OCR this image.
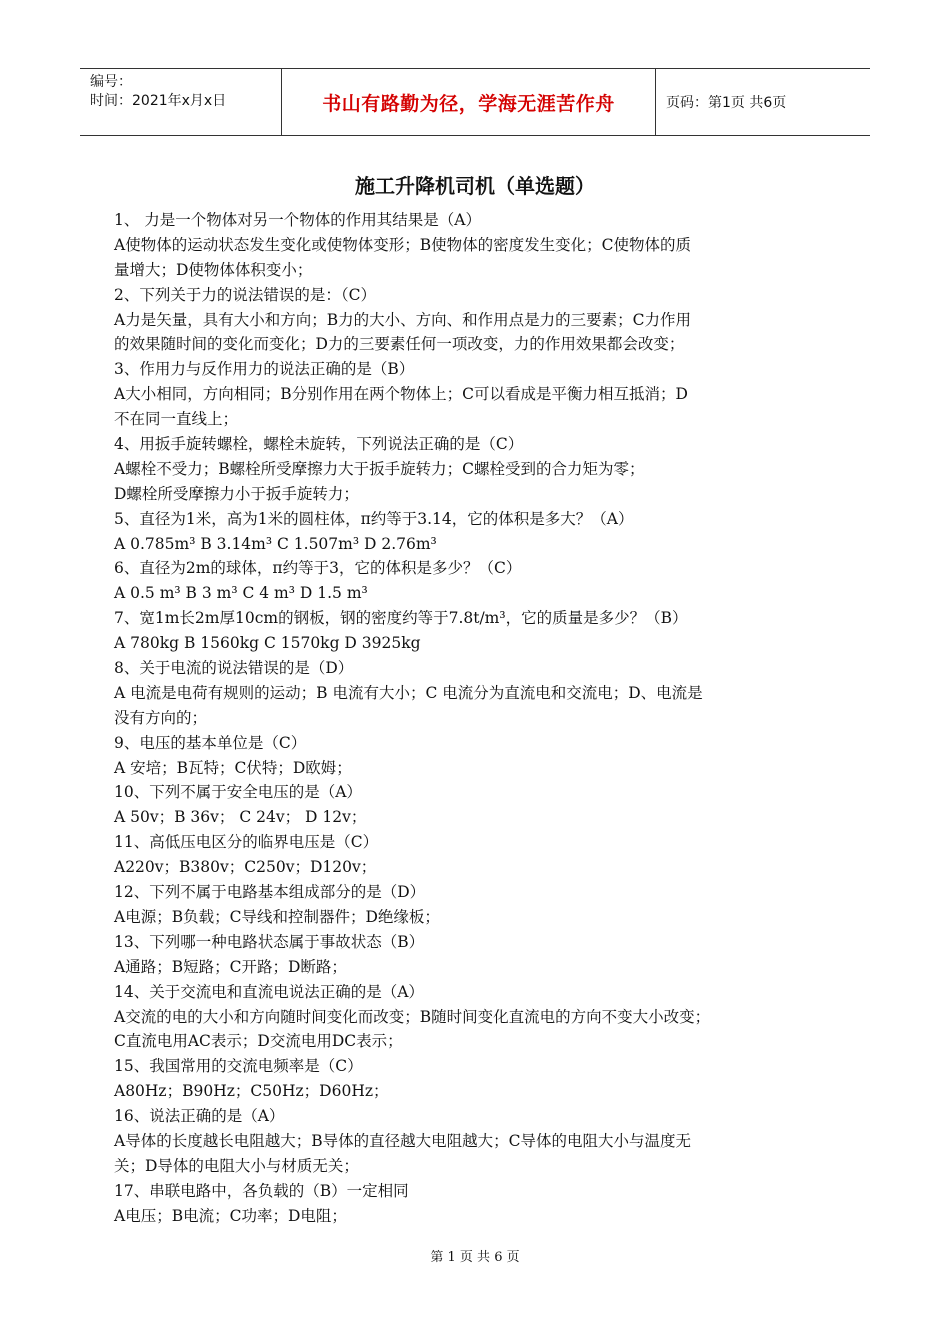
编号：
时间：2021年x月x日	书山有路勤为径，学海无涯苦作舟	页码：第1页 共6页
施工升降机司机（单选题）
1、 力是一个物体对另一个物体的作用其结果是（A）
A使物体的运动状态发生变化或使物体变形；B使物体的密度发生变化；C使物体的质
量增大；D使物体体积变小；
2、下列关于力的说法错误的是：（C）
A力是矢量，具有大小和方向；B力的大小、方向、和作用点是力的三要素；C力作用
的效果随时间的变化而变化；D力的三要素任何一项改变，力的作用效果都会改变；
3、作用力与反作用力的说法正确的是（B）
A大小相同，方向相同；B分别作用在两个物体上；C可以看成是平衡力相互抵消；D
不在同一直线上；
4、用扳手旋转螺栓，螺栓未旋转，下列说法正确的是（C）
A螺栓不受力；B螺栓所受摩擦力大于扳手旋转力；C螺栓受到的合力矩为零；
D螺栓所受摩擦力小于扳手旋转力；
5、直径为1米，高为1米的圆柱体，π约等于3.14，它的体积是多大？（A）
A 0.785m³ B 3.14m³ C 1.507m³ D 2.76m³
6、直径为2m的球体，π约等于3，它的体积是多少？（C）
A 0.5 m³ B 3 m³ C 4 m³ D 1.5 m³
7、宽1m长2m厚10cm的钢板，钢的密度约等于7.8t/m³，它的质量是多少？（B）
A 780kg B 1560kg C 1570kg D 3925kg
8、关于电流的说法错误的是（D）
A 电流是电荷有规则的运动；B 电流有大小；C 电流分为直流电和交流电；D、电流是
没有方向的；
9、电压的基本单位是（C）
A 安培；B瓦特；C伏特；D欧姆；
10、下列不属于安全电压的是（A）
A 50v；B 36v； C 24v； D 12v；
11、高低压电区分的临界电压是（C）
A220v；B380v；C250v；D120v；
12、下列不属于电路基本组成部分的是（D）
A电源；B负载；C导线和控制器件；D绝缘板；
13、下列哪一种电路状态属于事故状态（B）
A通路；B短路；C开路；D断路；
14、关于交流电和直流电说法正确的是（A）
A交流的电的大小和方向随时间变化而改变；B随时间变化直流电的方向不变大小改变；
C直流电用AC表示；D交流电用DC表示；
15、我国常用的交流电频率是（C）
A80Hz；B90Hz；C50Hz；D60Hz；
16、说法正确的是（A）
A导体的长度越长电阻越大；B导体的直径越大电阻越大；C导体的电阻大小与温度无
关；D导体的电阻大小与材质无关；
17、串联电路中，各负载的（B）一定相同
A电压；B电流；C功率；D电阻；
第 1 页 共 6 页
